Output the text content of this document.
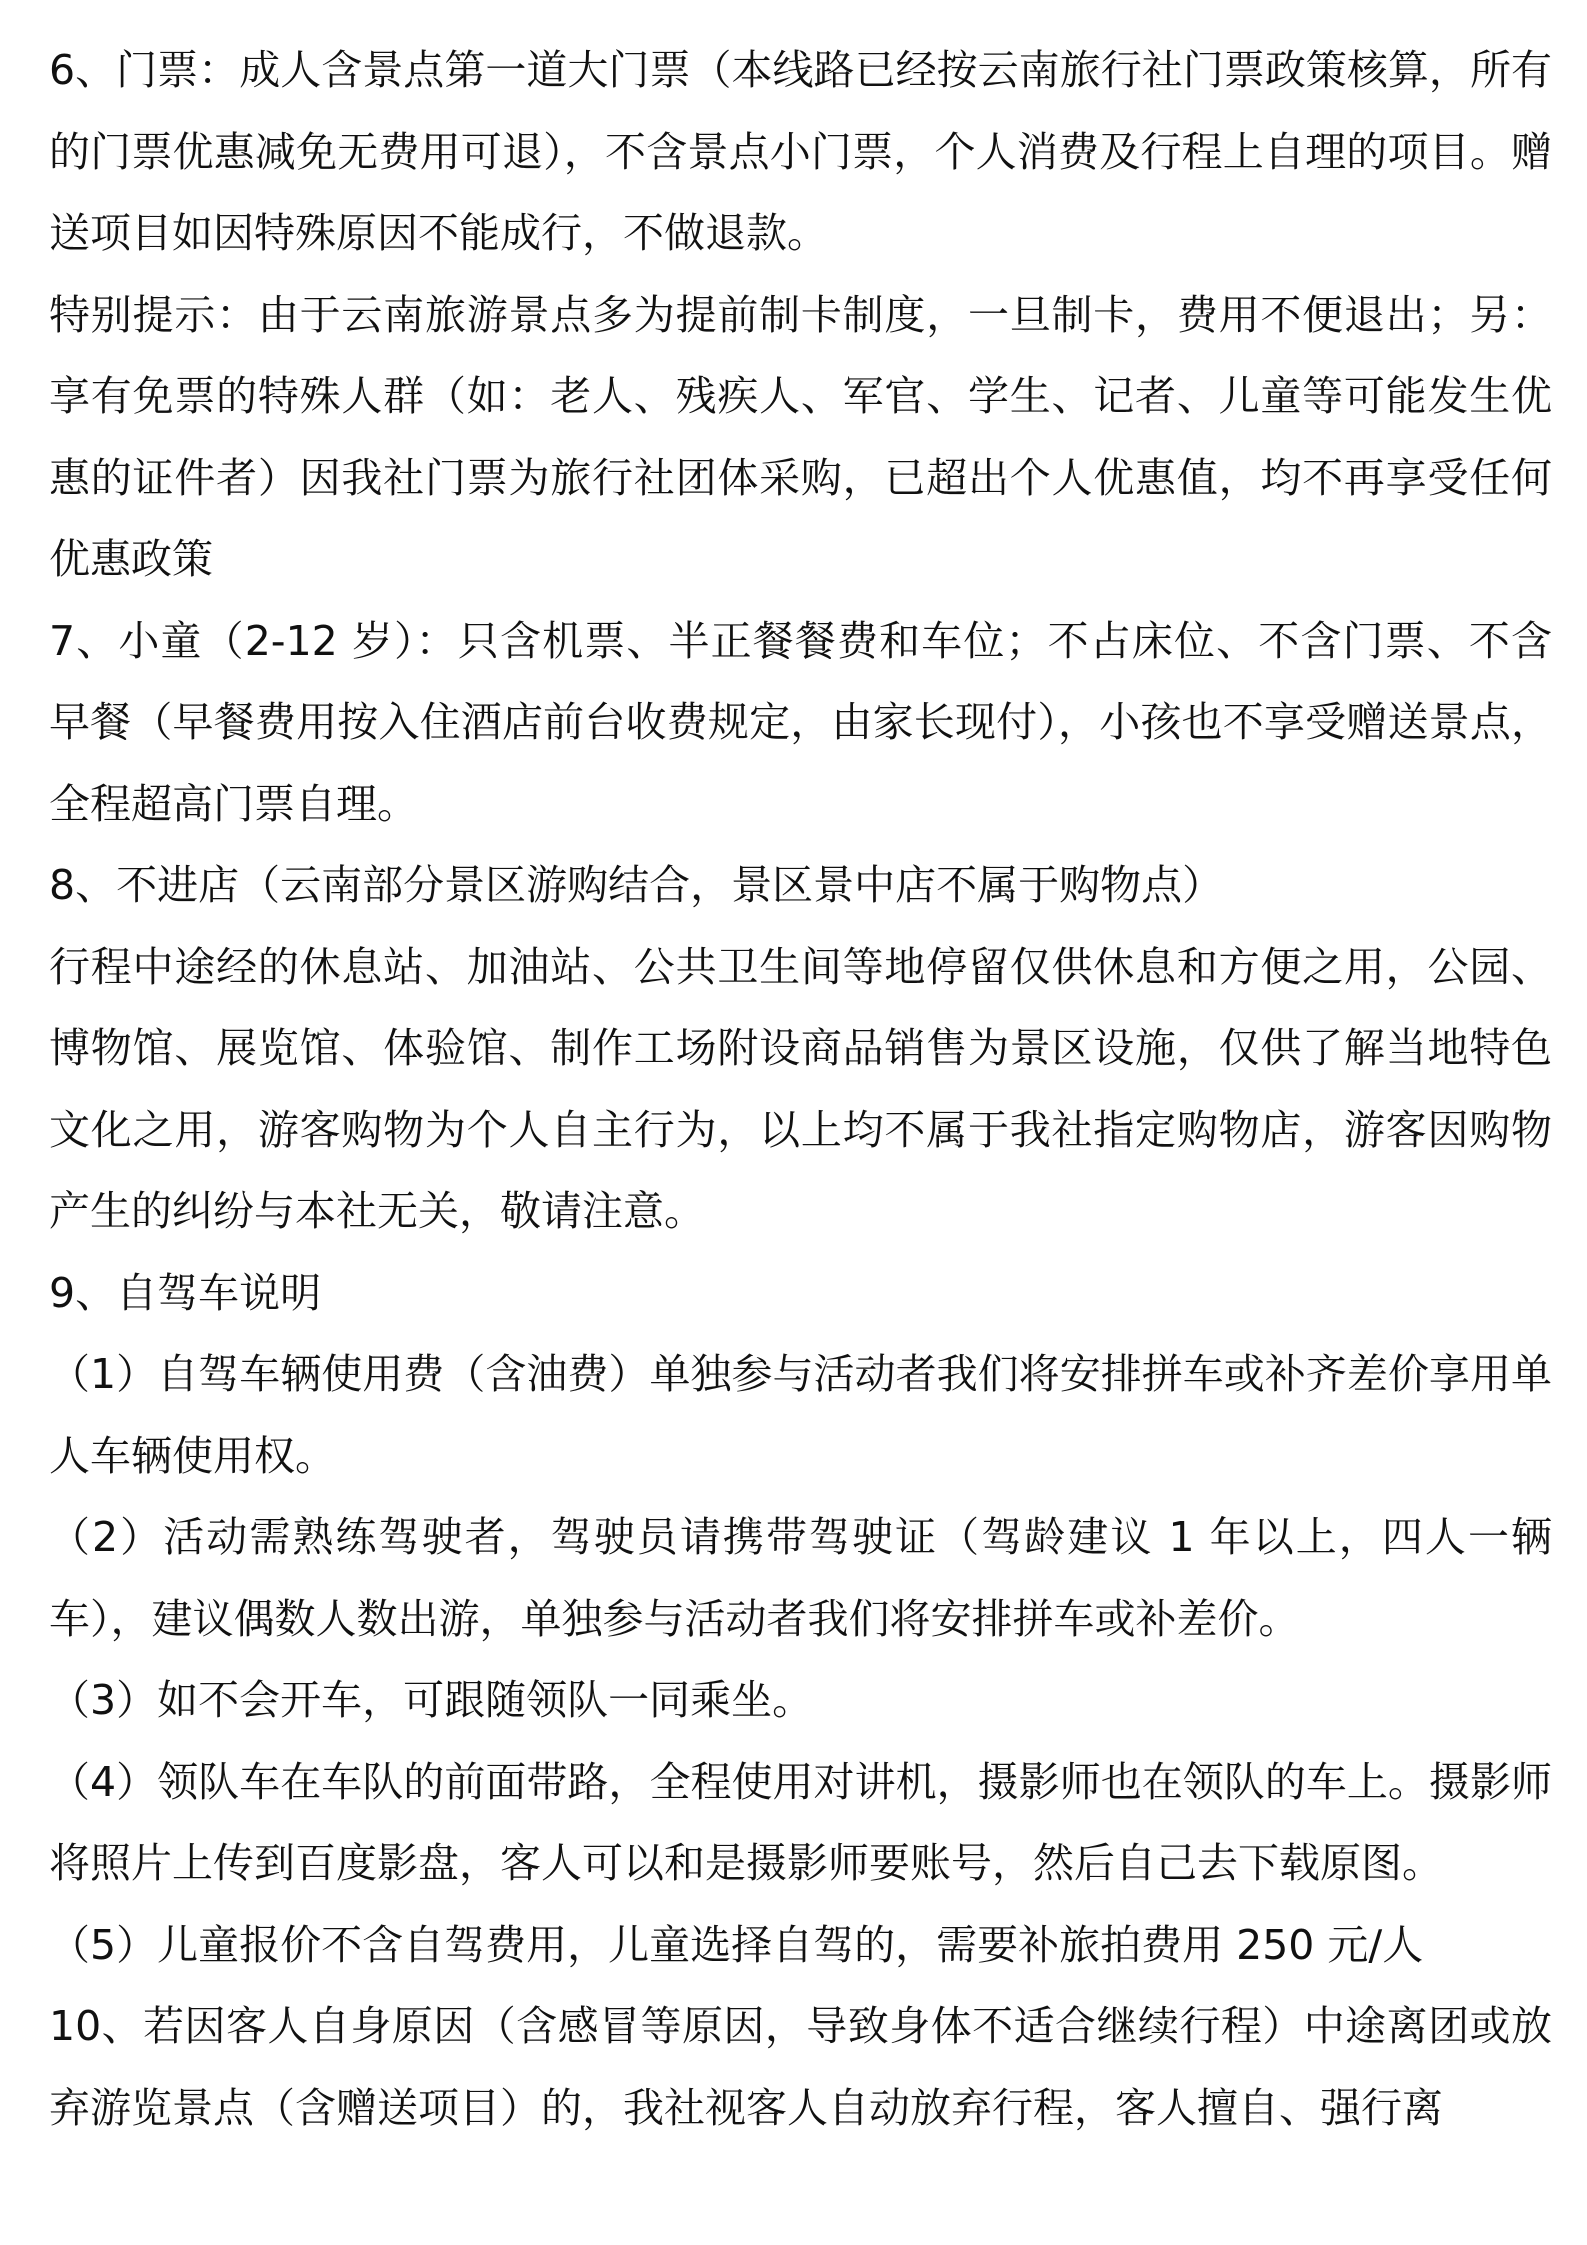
6、门票：成人含景点第一道大门票（本线路已经按云南旅行社门票政策核算，所有的门票优惠减免无费用可退），不含景点小门票，个人消费及行程上自理的项目。赠送项目如因特殊原因不能成行，不做退款。

特别提示：由于云南旅游景点多为提前制卡制度，一旦制卡，费用不便退出；另：享有免票的特殊人群（如：老人、残疾人、军官、学生、记者、儿童等可能发生优惠的证件者）因我社门票为旅行社团体采购，已超出个人优惠值，均不再享受任何优惠政策

7、小童（2-12 岁）：只含机票、半正餐餐费和车位；不占床位、不含门票、不含早餐（早餐费用按入住酒店前台收费规定，由家长现付），小孩也不享受赠送景点，全程超高门票自理。

8、不进店（云南部分景区游购结合，景区景中店不属于购物点）

行程中途经的休息站、加油站、公共卫生间等地停留仅供休息和方便之用，公园、博物馆、展览馆、体验馆、制作工场附设商品销售为景区设施，仅供了解当地特色文化之用，游客购物为个人自主行为，以上均不属于我社指定购物店，游客因购物产生的纠纷与本社无关，敬请注意。

9、自驾车说明

（1）自驾车辆使用费（含油费）单独参与活动者我们将安排拼车或补齐差价享用单人车辆使用权。

（2）活动需熟练驾驶者，驾驶员请携带驾驶证（驾龄建议 1 年以上，四人一辆车），建议偶数人数出游，单独参与活动者我们将安排拼车或补差价。

（3）如不会开车，可跟随领队一同乘坐。

（4）领队车在车队的前面带路，全程使用对讲机，摄影师也在领队的车上。摄影师将照片上传到百度影盘，客人可以和是摄影师要账号，然后自己去下载原图。

（5）儿童报价不含自驾费用，儿童选择自驾的，需要补旅拍费用 250 元/人

10、若因客人自身原因（含感冒等原因，导致身体不适合继续行程）中途离团或放弃游览景点（含赠送项目）的，我社视客人自动放弃行程，客人擅自、强行离
